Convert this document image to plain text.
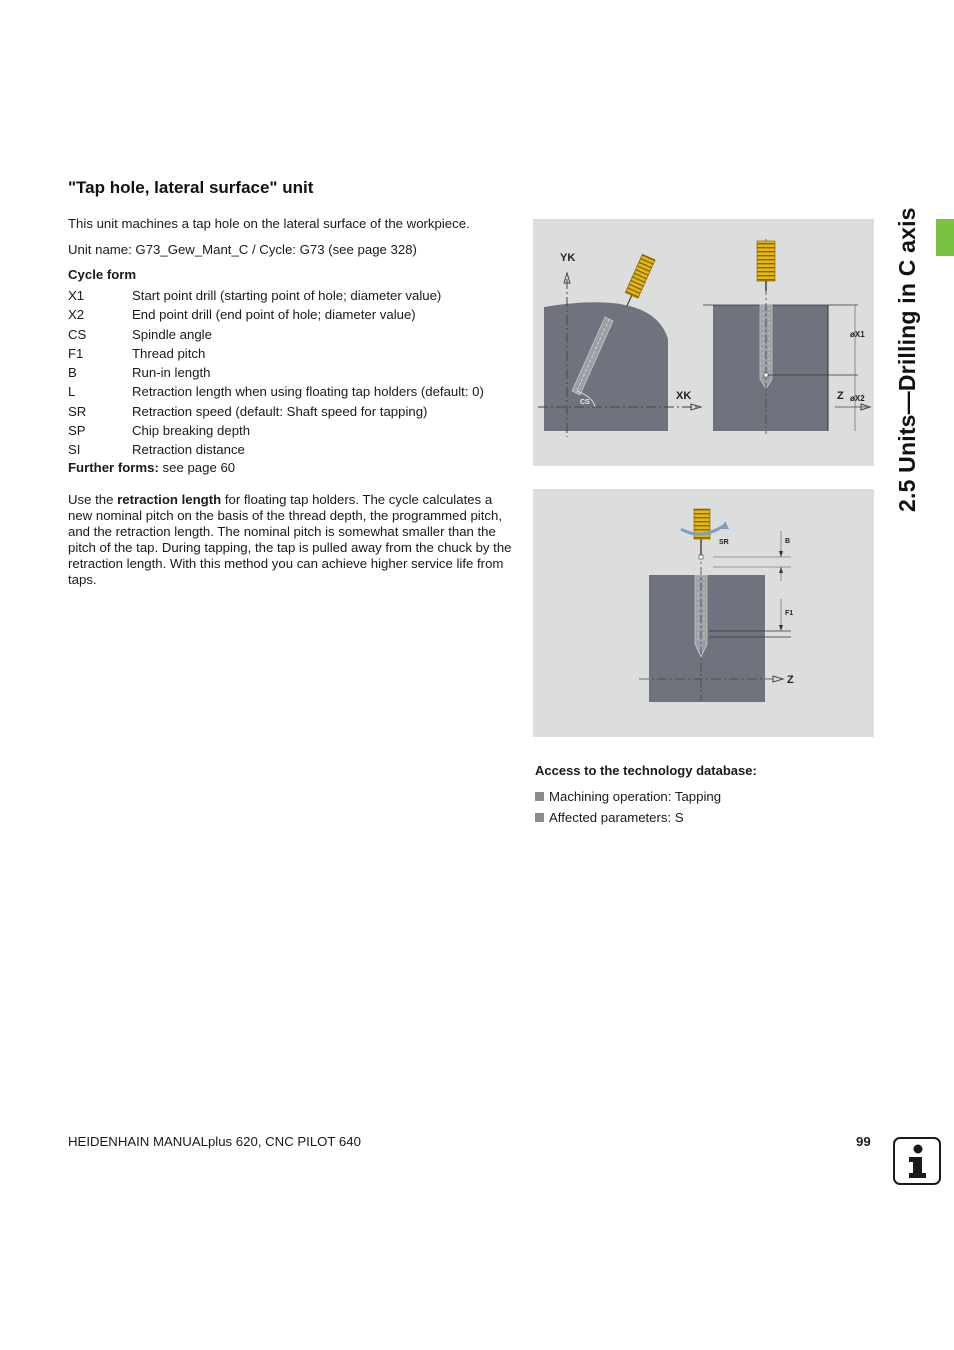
2.5 Units—Drilling in C axis
"Tap hole, lateral surface" unit

This unit machines a tap hole on the lateral surface of the workpiece.

Unit name: G73_Gew_Mant_C / Cycle: G73 (see page 328)

Cycle form

X1	Start point drill (starting point of hole; diameter value)
X2	End point drill (end point of hole; diameter value)
CS	Spindle angle
F1	Thread pitch
B	Run-in length
L	Retraction length when using floating tap holders (default: 0)
SR	Retraction speed (default: Shaft speed for tapping)
SP	Chip breaking depth
SI	Retraction distance

Further forms: see page 60

Use the retraction length for floating tap holders. The cycle calculates a new nominal pitch on the basis of the thread depth, the programmed pitch, and the retraction length. The nominal pitch is somewhat smaller than the pitch of the tap. During tapping, the tap is pulled away from the chuck by the retraction length. With this method you can achieve higher service life from taps.

YK
XK
CS
øX1
øX2
Z
SR	B
F1
Z
Access to the technology database:
Machining operation: Tapping
Affected parameters: S
HEIDENHAIN MANUALplus 620, CNC PILOT 640	99
